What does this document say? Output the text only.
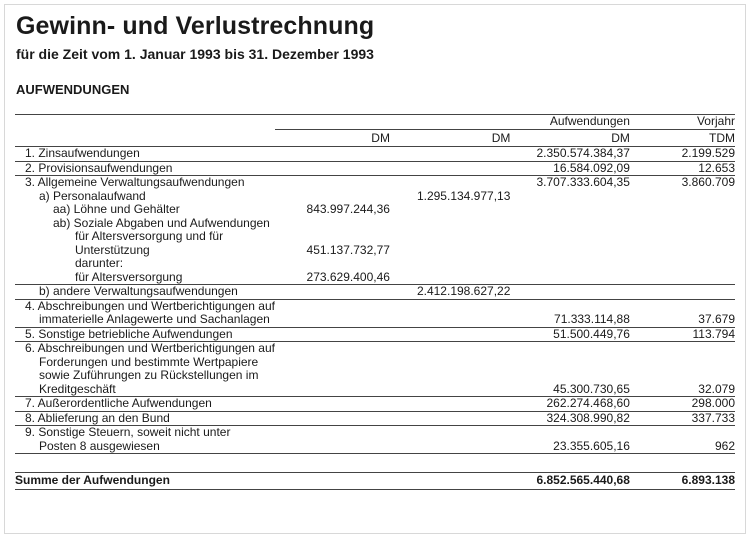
Gewinn- und Verlustrechnung
für die Zeit vom 1. Januar 1993 bis 31. Dezember 1993
AUFWENDUNGEN
			Aufwendungen	Vorjahr
	DM	DM	DM	TDM
1. Zinsaufwendungen			2.350.574.384,37	2.199.529
2. Provisionsaufwendungen			16.584.092,09	12.653
3. Allgemeine Verwaltungsaufwendungen			3.707.333.604,35	3.860.709
a) Personalaufwand		1.295.134.977,13		
aa) Löhne und Gehälter	843.997.244,36			
ab) Soziale Abgaben und Aufwendungen				
für Altersversorgung und für				
Unterstützung	451.137.732,77			
darunter:				
für Altersversorgung	273.629.400,46			
b) andere Verwaltungsaufwendungen		2.412.198.627,22		
4. Abschreibungen und Wertberichtigungen auf				
immaterielle Anlagewerte und Sachanlagen			71.333.114,88	37.679
5. Sonstige betriebliche Aufwendungen			51.500.449,76	113.794
6. Abschreibungen und Wertberichtigungen auf				
Forderungen und bestimmte Wertpapiere				
sowie Zuführungen zu Rückstellungen im				
Kreditgeschäft			45.300.730,65	32.079
7. Außerordentliche Aufwendungen			262.274.468,60	298.000
8. Ablieferung an den Bund			324.308.990,82	337.733
9. Sonstige Steuern, soweit nicht unter				
Posten 8 ausgewiesen			23.355.605,16	962

Summe der Aufwendungen			6.852.565.440,68	6.893.138
